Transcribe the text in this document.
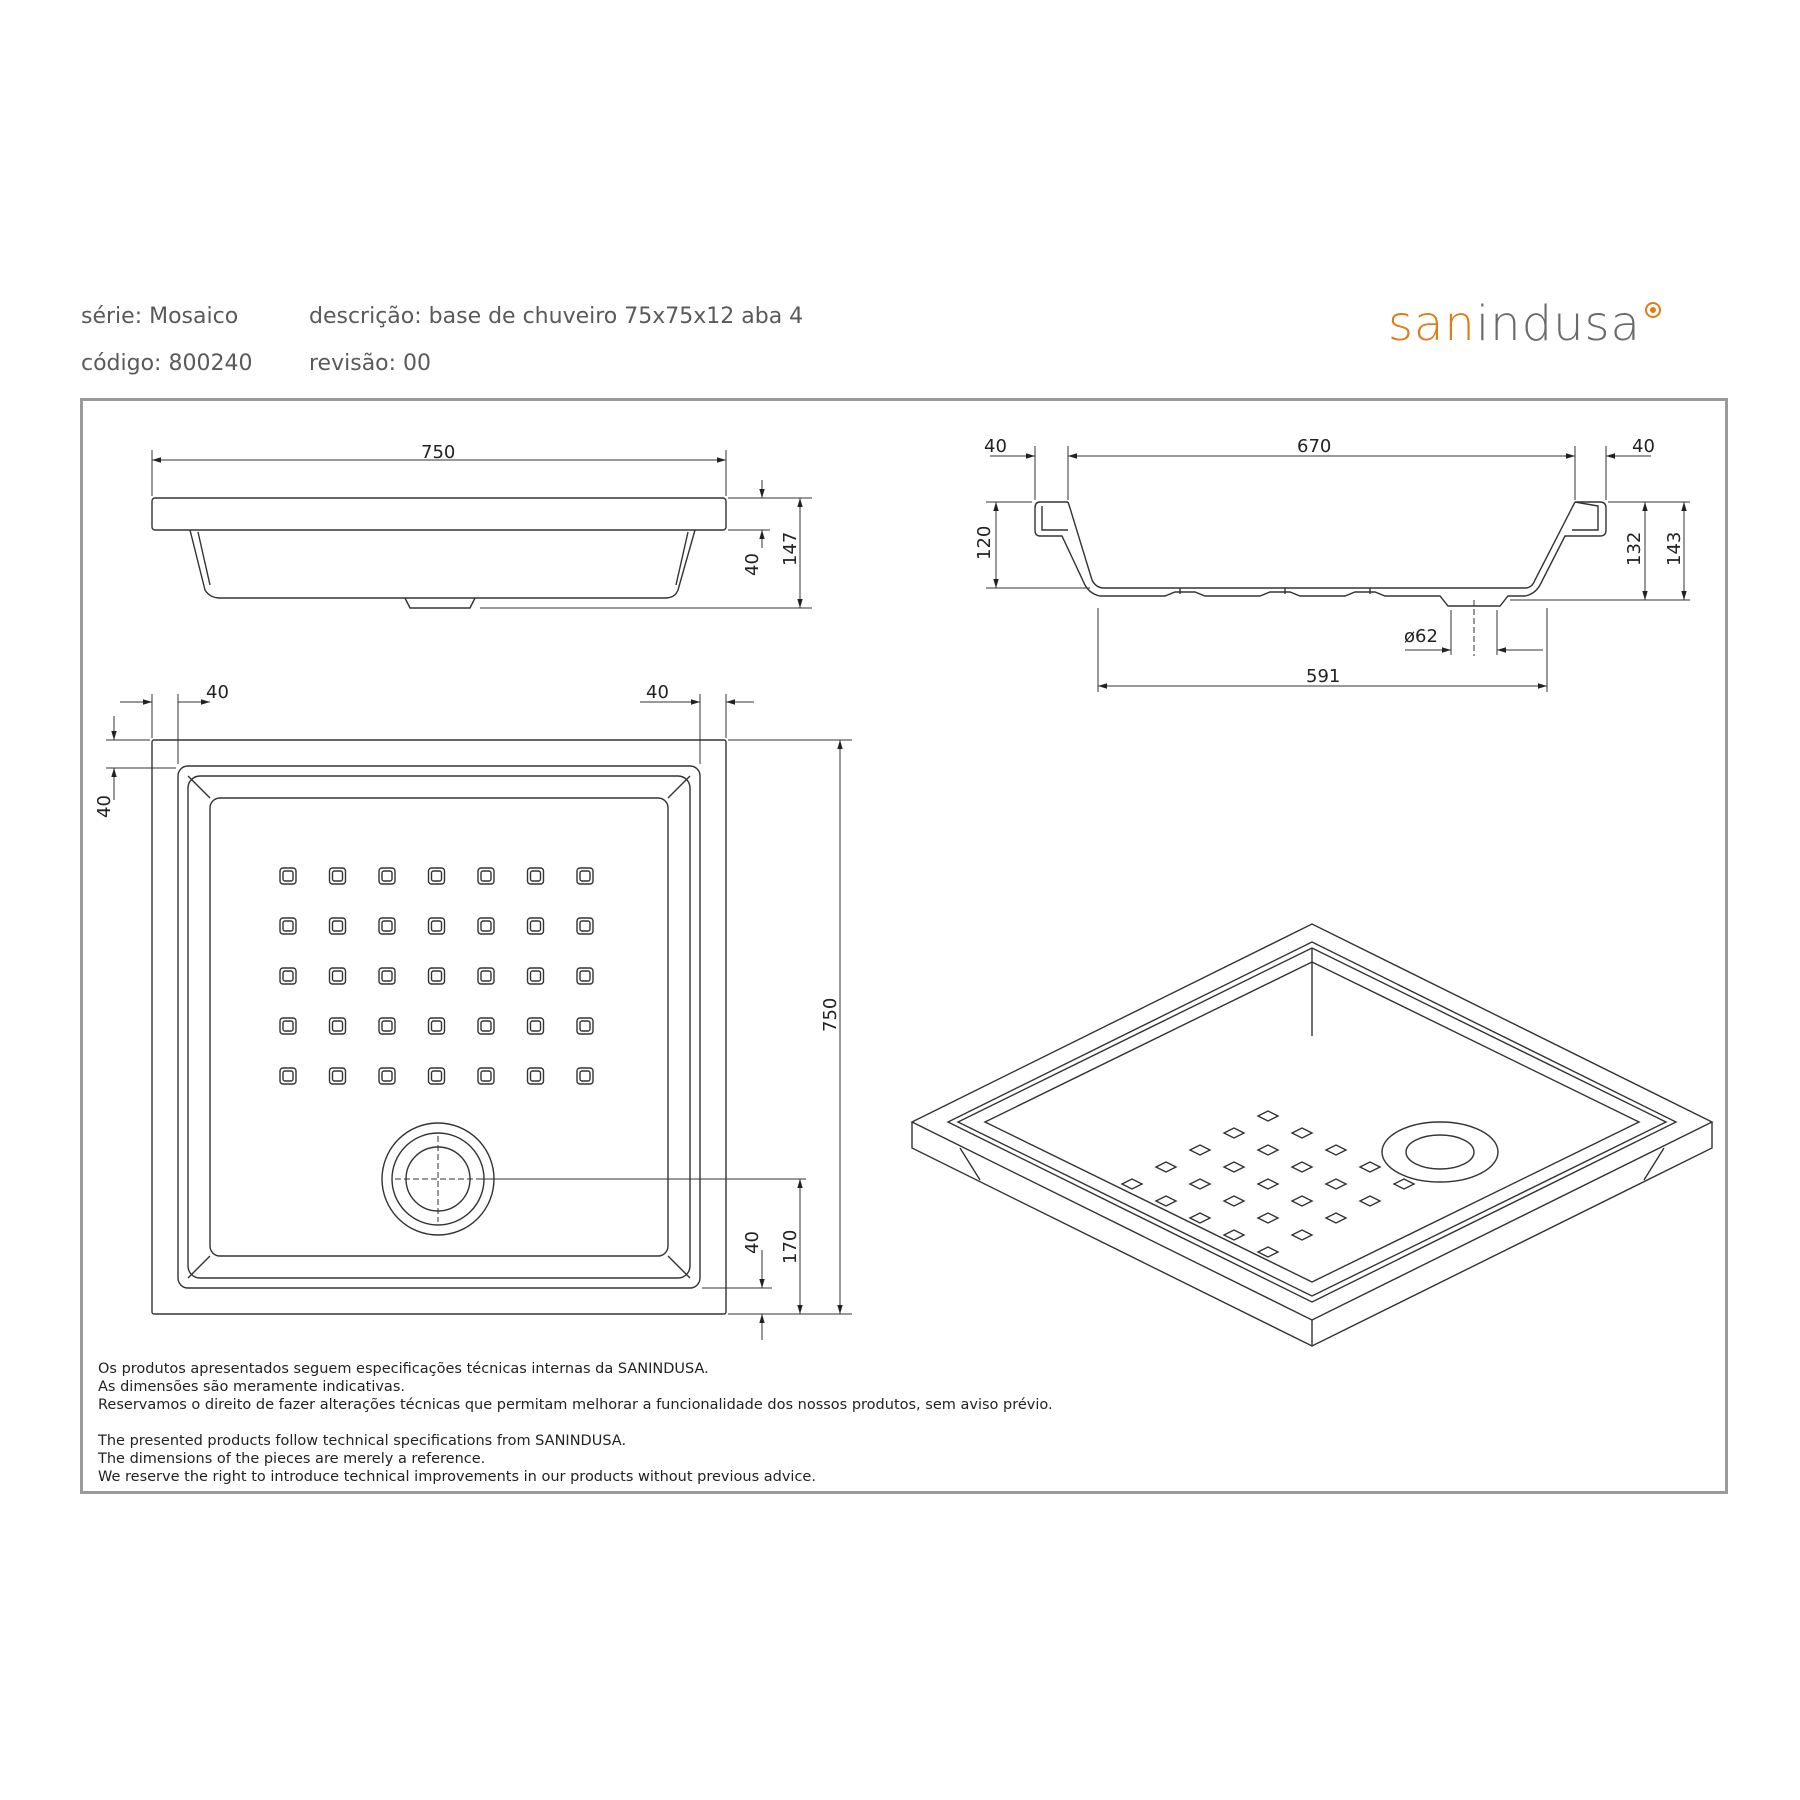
série: Mosaico	descrição: base de chuveiro 75x75x12 aba 4
código: 800240	revisão: 00
sanindusa
750
40 147
40	670	40
120	132 143
ø62
591
40	40
40
750
40 170

Os produtos apresentados seguem especificações técnicas internas da SANINDUSA.

As dimensões são meramente indicativas.

Reservamos o direito de fazer alterações técnicas que permitam melhorar a funcionalidade dos nossos produtos, sem aviso prévio.

The presented products follow technical specifications from SANINDUSA.

The dimensions of the pieces are merely a reference.

We reserve the right to introduce technical improvements in our products without previous advice.
